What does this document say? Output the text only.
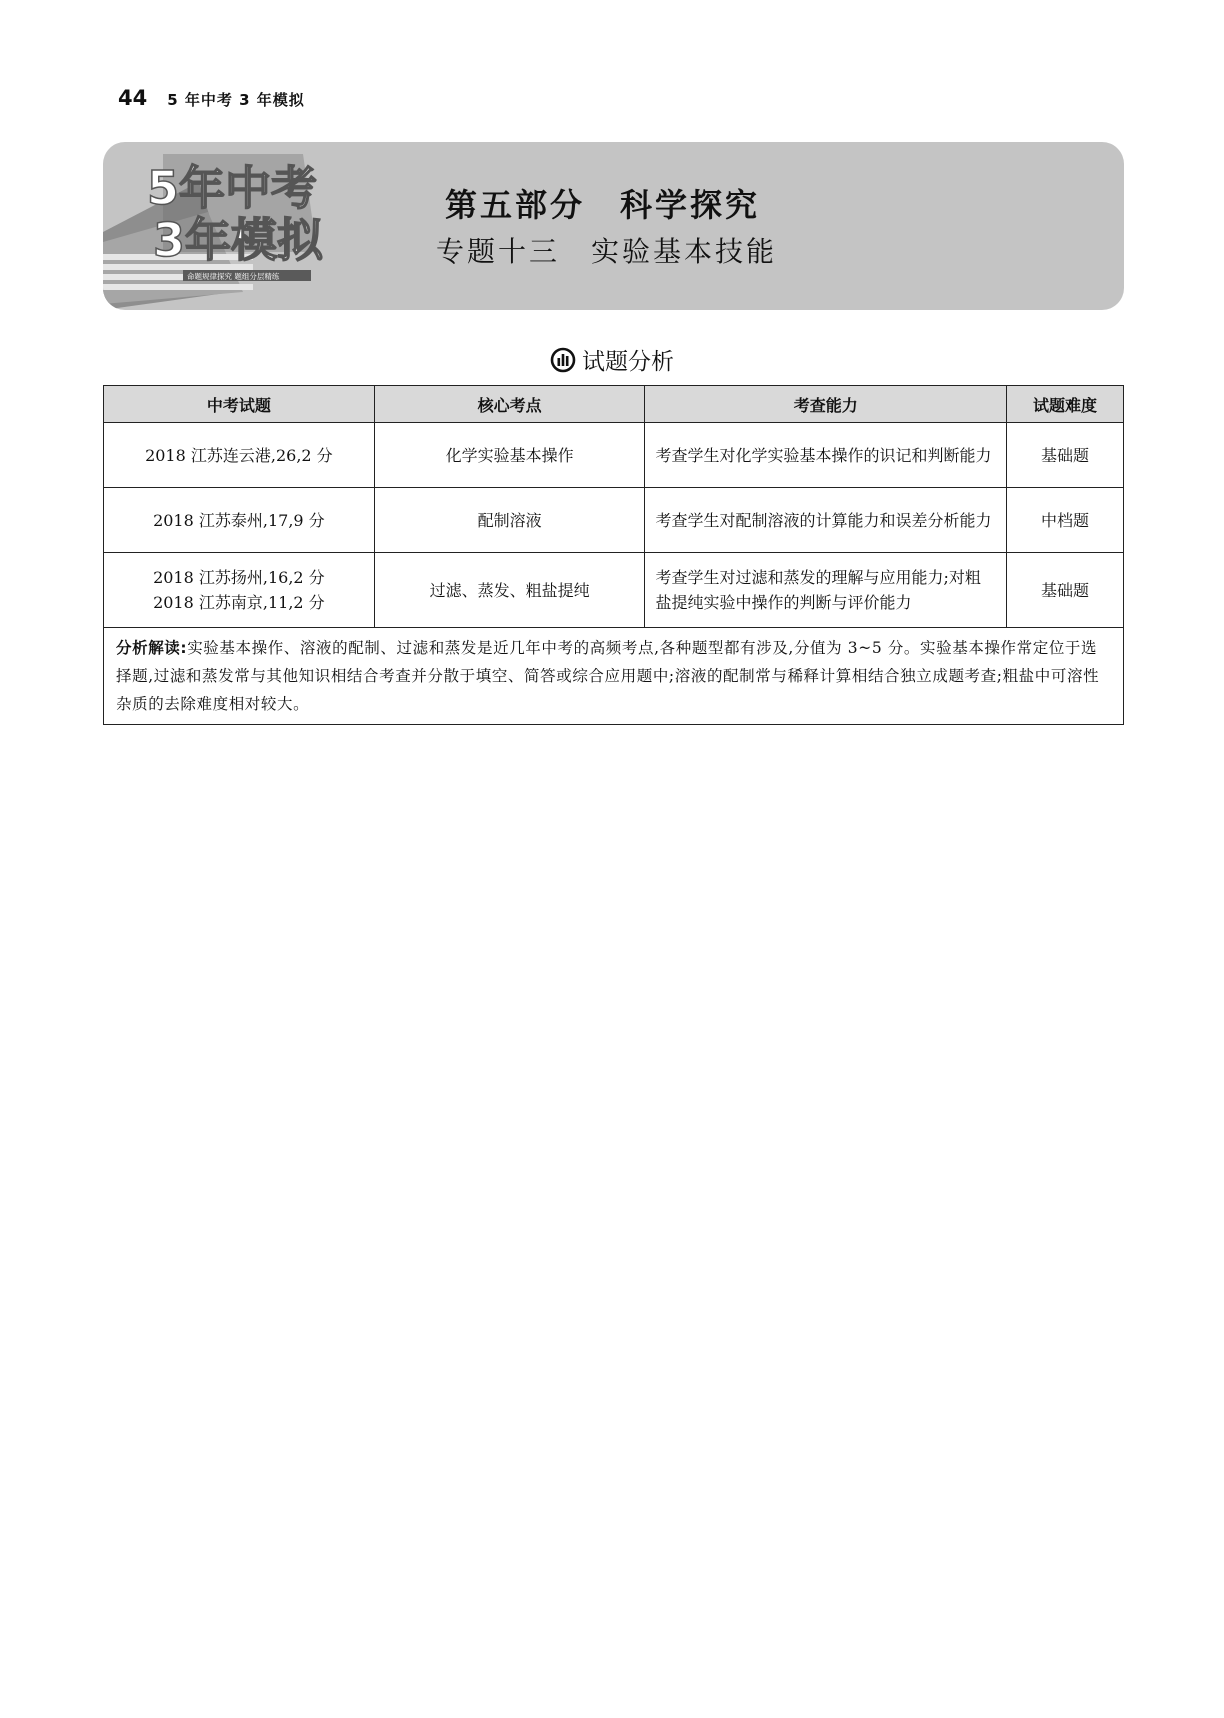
44 5 年中考 3 年模拟
5年中考
3年模拟
命题规律探究 题组分层精练
第五部分　科学探究
专题十三　实验基本技能
试题分析
中考试题	核心考点	考查能力	试题难度

2018 江苏连云港,26,2 分	化学实验基本操作	考查学生对化学实验基本操作的识记和判断能力	基础题

2018 江苏泰州,17,9 分	配制溶液	考查学生对配制溶液的计算能力和误差分析能力	中档题

2018 江苏扬州,16,2 分
2018 江苏南京,11,2 分	过滤、蒸发、粗盐提纯	考查学生对过滤和蒸发的理解与应用能力;对粗盐提纯实验中操作的判断与评价能力	基础题
分析解读:实验基本操作、溶液的配制、过滤和蒸发是近几年中考的高频考点,各种题型都有涉及,分值为 3~5 分。实验基本操作常定位于选择题,过滤和蒸发常与其他知识相结合考查并分散于填空、简答或综合应用题中;溶液的配制常与稀释计算相结合独立成题考查;粗盐中可溶性杂质的去除难度相对较大。			
